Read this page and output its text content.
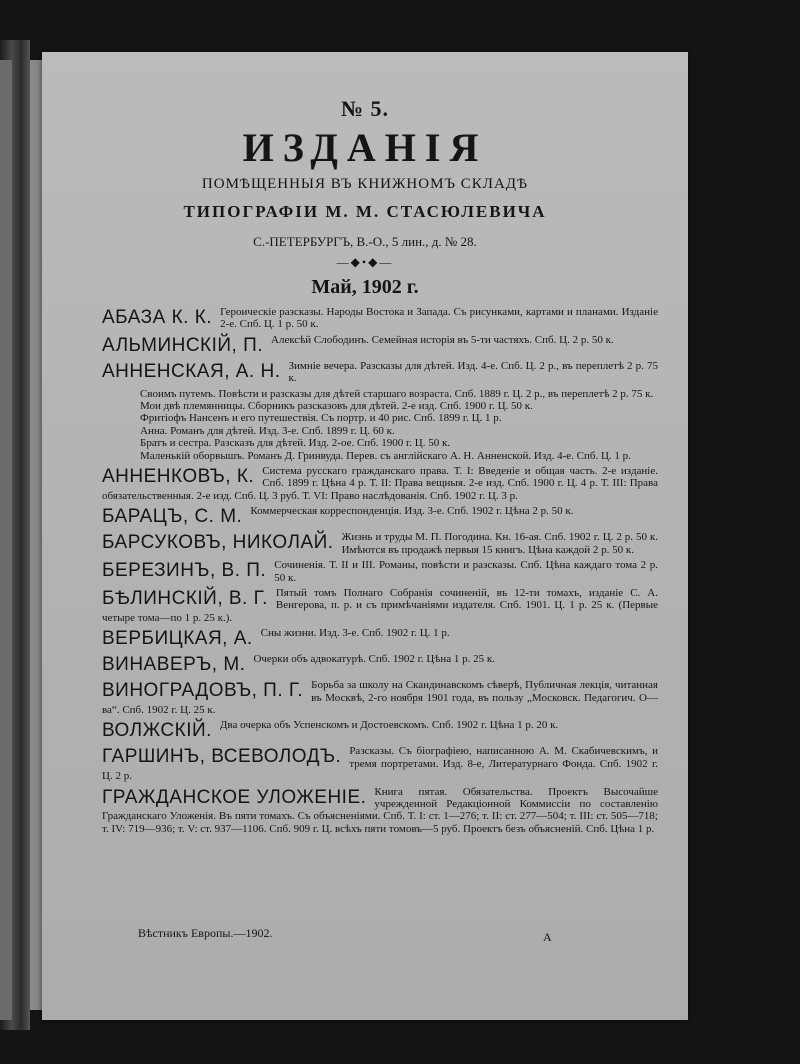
№ 5.
ИЗДАНІЯ
ПОМѢЩЕННЫЯ ВЪ КНИЖНОМЪ СКЛАДѢ
ТИПОГРАФІИ М. М. СТАСЮЛЕВИЧА
С.-ПЕТЕРБУРГЪ, В.-О., 5 лин., д. № 28.
—◆•◆—
Май, 1902 г.
АБАЗА К. К. Героическіе разсказы. Народы Востока и Запада. Съ рисунками, картами и планами. Изданіе 2-е. Спб. Ц. 1 р. 50 к.
АЛЬМИНСКІЙ, П. Алексѣй Слободинъ. Семейная исторія въ 5-ти частяхъ. Спб. Ц. 2 р. 50 к.
АННЕНСКАЯ, А. Н. Зимніе вечера. Разсказы для дѣтей. Изд. 4-е. Спб. Ц. 2 р., въ переплетѣ 2 р. 75 к.
Своимъ путемъ. Повѣсти и разсказы для дѣтей старшаго возраста. Спб. 1889 г. Ц. 2 р., въ переплетѣ 2 р. 75 к.
Мои двѣ племянницы. Сборникъ разсказовъ для дѣтей. 2-е изд. Спб. 1900 г. Ц. 50 к.
Фритіофъ Нансенъ и его путешествія. Съ портр. и 40 рис. Спб. 1899 г. Ц. 1 р.
Анна. Романъ для дѣтей. Изд. 3-е. Спб. 1899 г. Ц. 60 к.
Братъ и сестра. Разсказъ для дѣтей. Изд. 2-ое. Спб. 1900 г. Ц. 50 к.
Маленькій оборвышъ. Романъ Д. Гринвуда. Перев. съ англійскаго А. Н. Анненской. Изд. 4-е. Спб. Ц. 1 р.
АННЕНКОВЪ, К. Система русскаго гражданскаго права. Т. I: Введеніе и общая часть. 2-е изданіе. Спб. 1899 г. Цѣна 4 р. Т. II: Права вещныя. 2-е изд. Спб. 1900 г. Ц. 4 р. Т. III: Права обязательственныя. 2-е изд. Спб. Ц. 3 руб. Т. VI: Право наслѣдованія. Спб. 1902 г. Ц. 3 р.
БАРАЦЪ, С. М. Коммерческая корреспонденція. Изд. 3-е. Спб. 1902 г. Цѣна 2 р. 50 к.
БАРСУКОВЪ, НИКОЛАЙ. Жизнь и труды М. П. Погодина. Кн. 16-ая. Спб. 1902 г. Ц. 2 р. 50 к. Имѣются въ продажѣ первыя 15 книгъ. Цѣна каждой 2 р. 50 к.
БЕРЕЗИНЪ, В. П. Сочиненія. Т. II и III. Романы, повѣсти и разсказы. Спб. Цѣна каждаго тома 2 р. 50 к.
БѢЛИНСКІЙ, В. Г. Пятый томъ Полнаго Собранія сочиненій, въ 12-ти томахъ, изданіе С. А. Венгерова, п. р. и съ примѣчаніями издателя. Спб. 1901. Ц. 1 р. 25 к. (Первые четыре тома—по 1 р. 25 к.).
ВЕРБИЦКАЯ, А. Сны жизни. Изд. 3-е. Спб. 1902 г. Ц. 1 р.
ВИНАВЕРЪ, М. Очерки объ адвокатурѣ. Спб. 1902 г. Цѣна 1 р. 25 к.
ВИНОГРАДОВЪ, П. Г. Борьба за школу на Скандинавскомъ сѣверѣ, Публичная лекція, читанная въ Москвѣ, 2-го ноября 1901 года, въ пользу „Московск. Педагогич. О—ва“. Спб. 1902 г. Ц. 25 к.
ВОЛЖСКІЙ. Два очерка объ Успенскомъ и Достоевскомъ. Спб. 1902 г. Цѣна 1 р. 20 к.
ГАРШИНЪ, ВСЕВОЛОДЪ. Разсказы. Съ біографіею, написанною А. М. Скабичевскимъ, и тремя портретами. Изд. 8-е, Литературнаго Фонда. Спб. 1902 г. Ц. 2 р.
ГРАЖДАНСКОЕ УЛОЖЕНІЕ. Книга пятая. Обязательства. Проектъ Высочайше учрежденной Редакціонной Коммиссіи по составленію Гражданскаго Уложенія. Въ пяти томахъ. Съ объясненіями. Спб. Т. I: ст. 1—276; т. II: ст. 277—504; т. III: ст. 505—718; т. IV: 719—936; т. V: ст. 937—1106. Спб. 909 г. Ц. всѣхъ пяти томовъ—5 руб. Проектъ безъ объясненій. Спб. Цѣна 1 р.
Вѣстникъ Европы.—1902.	А
